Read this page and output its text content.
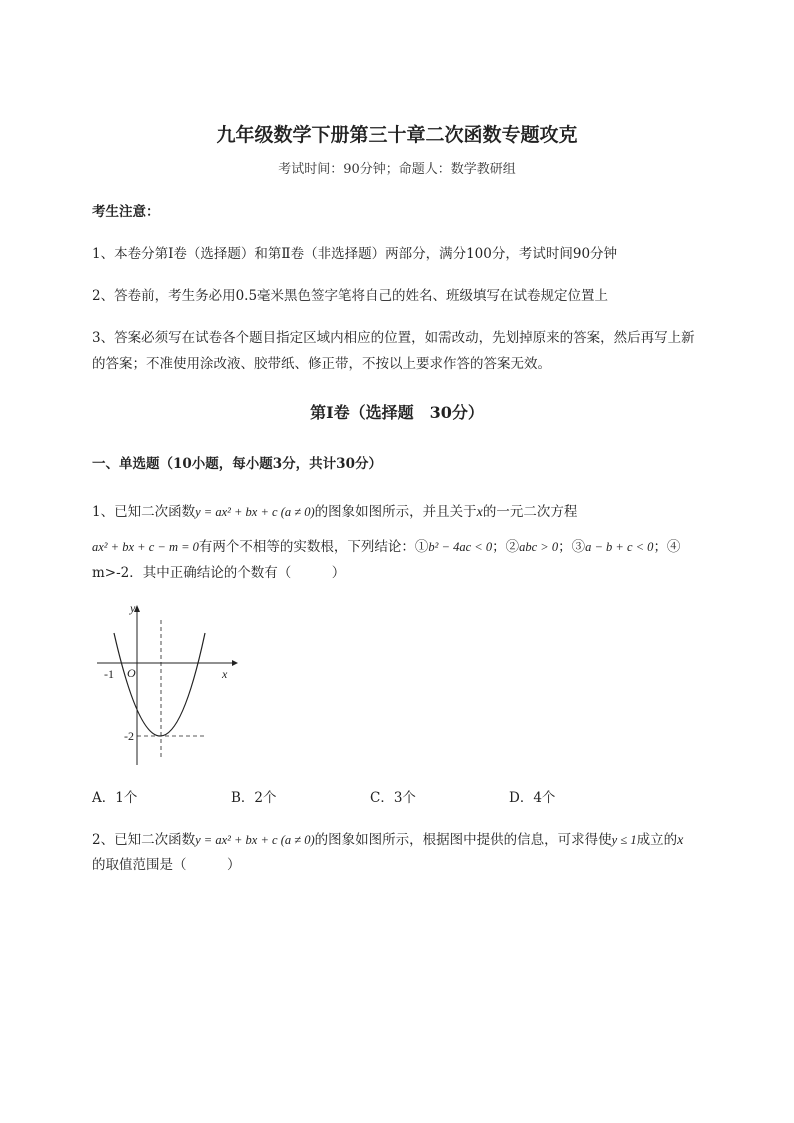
九年级数学下册第三十章二次函数专题攻克
考试时间：90分钟；命题人：数学教研组
考生注意：
1、本卷分第I卷（选择题）和第Ⅱ卷（非选择题）两部分，满分100分，考试时间90分钟
2、答卷前，考生务必用0.5毫米黑色签字笔将自己的姓名、班级填写在试卷规定位置上
3、答案必须写在试卷各个题目指定区域内相应的位置，如需改动，先划掉原来的答案，然后再写上新
的答案；不准使用涂改液、胶带纸、修正带，不按以上要求作答的答案无效。
第I卷（选择题　30分）
一、单选题（10小题，每小题3分，共计30分）
1、已知二次函数y = ax² + bx + c (a ≠ 0)的图象如图所示，并且关于x的一元二次方程
ax² + bx + c − m = 0有两个不相等的实数根，下列结论：①b² − 4ac < 0；②abc > 0；③a − b + c < 0；④
m>-2．其中正确结论的个数有（　　　）
y
x
O
-1
-2
A．1个	B．2个	C．3个	D．4个
2、已知二次函数y = ax² + bx + c (a ≠ 0)的图象如图所示，根据图中提供的信息，可求得使y ≤ 1成立的x
的取值范围是（　　　）
